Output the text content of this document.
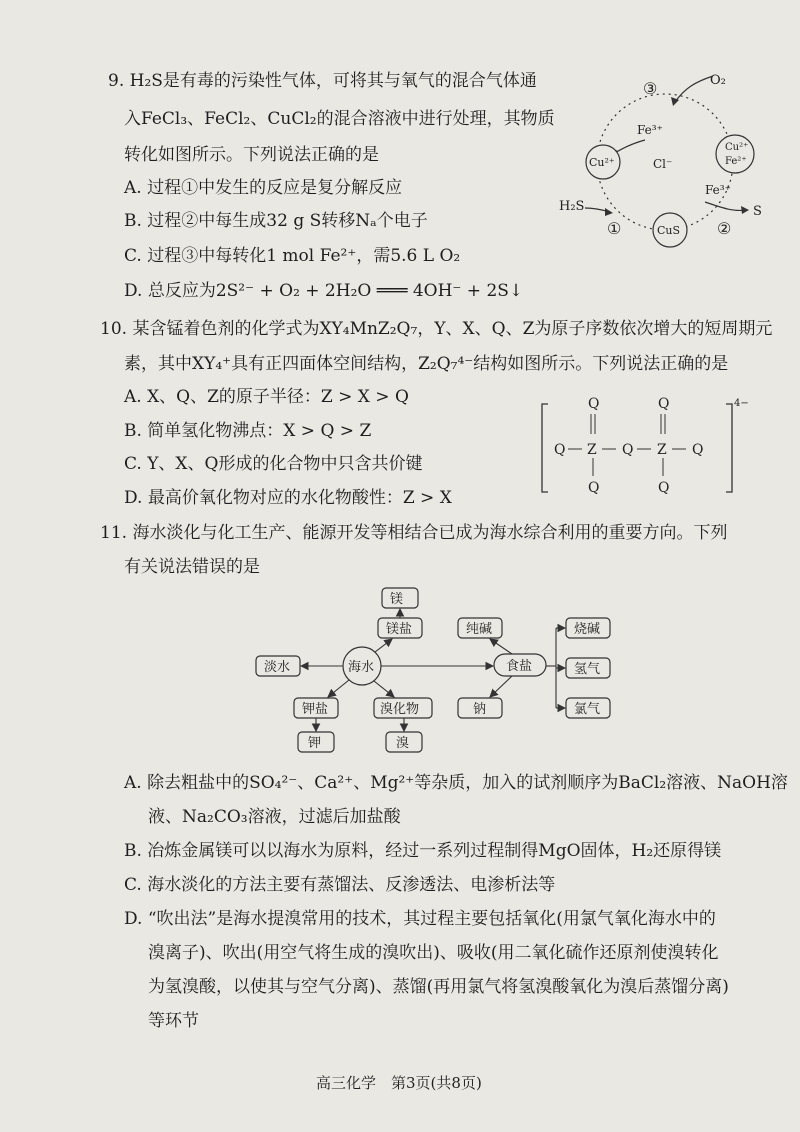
9. H₂S是有毒的污染性气体，可将其与氧气的混合气体通
入FeCl₃、FeCl₂、CuCl₂的混合溶液中进行处理，其物质
转化如图所示。下列说法正确的是
A. 过程①中发生的反应是复分解反应
B. 过程②中每生成32 g S转移Nₐ个电子
C. 过程③中每转化1 mol Fe²⁺，需5.6 L O₂
D. 总反应为2S²⁻ + O₂ + 2H₂O ═══ 4OH⁻ + 2S↓
O₂
③
Fe³⁺
Cu²⁺	Cl⁻
Cu²⁺
Fe²⁺
H₂S
Fe³⁺
S
①	CuS ②
10. 某含锰着色剂的化学式为XY₄MnZ₂Q₇，Y、X、Q、Z为原子序数依次增大的短周期元
素，其中XY₄⁺具有正四面体空间结构，Z₂Q₇⁴⁻结构如图所示。下列说法正确的是
A. X、Q、Z的原子半径：Z > X > Q
B. 简单氢化物沸点：X > Q > Z
C. Y、X、Q形成的化合物中只含共价键
D. 最高价氧化物对应的水化物酸性：Z > X
4−
Q	Q
Q Z Q Z Q
Q	Q
11. 海水淡化与化工生产、能源开发等相结合已成为海水综合利用的重要方向。下列
有关说法错误的是
镁
镁盐	纯碱	烧碱
淡水	海水	食盐	氢气
钾盐	溴化物	钠	氯气
钾	溴
A. 除去粗盐中的SO₄²⁻、Ca²⁺、Mg²⁺等杂质，加入的试剂顺序为BaCl₂溶液、NaOH溶
液、Na₂CO₃溶液，过滤后加盐酸
B. 冶炼金属镁可以以海水为原料，经过一系列过程制得MgO固体，H₂还原得镁
C. 海水淡化的方法主要有蒸馏法、反渗透法、电渗析法等
D. “吹出法”是海水提溴常用的技术，其过程主要包括氧化(用氯气氧化海水中的
溴离子)、吹出(用空气将生成的溴吹出)、吸收(用二氧化硫作还原剂使溴转化
为氢溴酸，以使其与空气分离)、蒸馏(再用氯气将氢溴酸氧化为溴后蒸馏分离)
等环节
高三化学　第3页(共8页)
